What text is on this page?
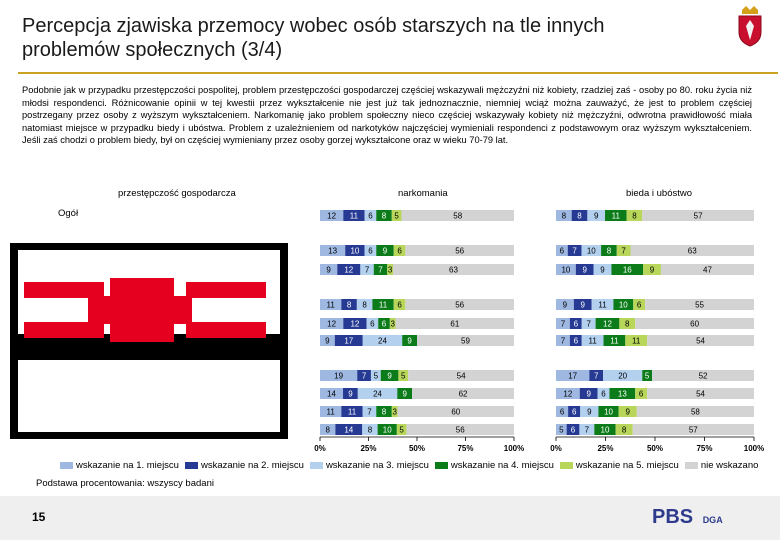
Percepcja zjawiska przemocy wobec osób starszych na tle innych problemów społecznych (3/4)
Podobnie jak w przypadku przestępczości pospolitej, problem przestępczości gospodarczej częściej wskazywali mężczyźni niż kobiety, rzadziej zaś - osoby po 80. roku życia niż młodsi respondenci. Różnicowanie opinii w tej kwestii przez wykształcenie nie jest już tak jednoznacznie, niemniej wciąż można zauważyć, że jest to problem częściej postrzegany przez osoby z wyższym wykształceniem. Narkomanię jako problem społeczny nieco częściej wskazywały kobiety niż mężczyźni, odwrotna prawidłowość miała natomiast miejsce w przypadku biedy i ubóstwa. Problem z uzależnieniem od narkotyków najczęściej wymieniali respondenci z podstawowym oraz wyższym wykształceniem. Jeśli zaś chodzi o problem biedy, był on częściej wymieniany przez osoby gorzej wykształcone oraz w wieku 70-79 lat.
przestępczość gospodarcza	narkomania	bieda i ubóstwo
Ogół	12 11 6 8 5	58
13 10 6 9 6	56
9 12 7 7 3	63
11 8 8 11 6	56
12 12 6 6 3	61
9 17	24	9	59
19 7 5 9 5	54
14 9	24	9	62
11 11 7 8 3	60
8 14 8 10 5	56
0%	25%	50%	75%	100%
8 8 9 11 8	57
6 7 10 8 7	63
10 9 9 16 9	47
9 9 11 10 6	55
7 6 7 12 8	60
7 6 11 11 11	54
17 7 20 5	52
12 9 6 13 6	54
6 6 9 10 9	58
5 6 7 10 8	57
0%	25%	50%	75%	100%
wskazanie na 1. miejscu wskazanie na 2. miejscu wskazanie na 3. miejscu wskazanie na 4. miejscu wskazanie na 5. miejscu nie wskazano
Podstawa procentowania: wszyscy badani
15	PBS DGA
